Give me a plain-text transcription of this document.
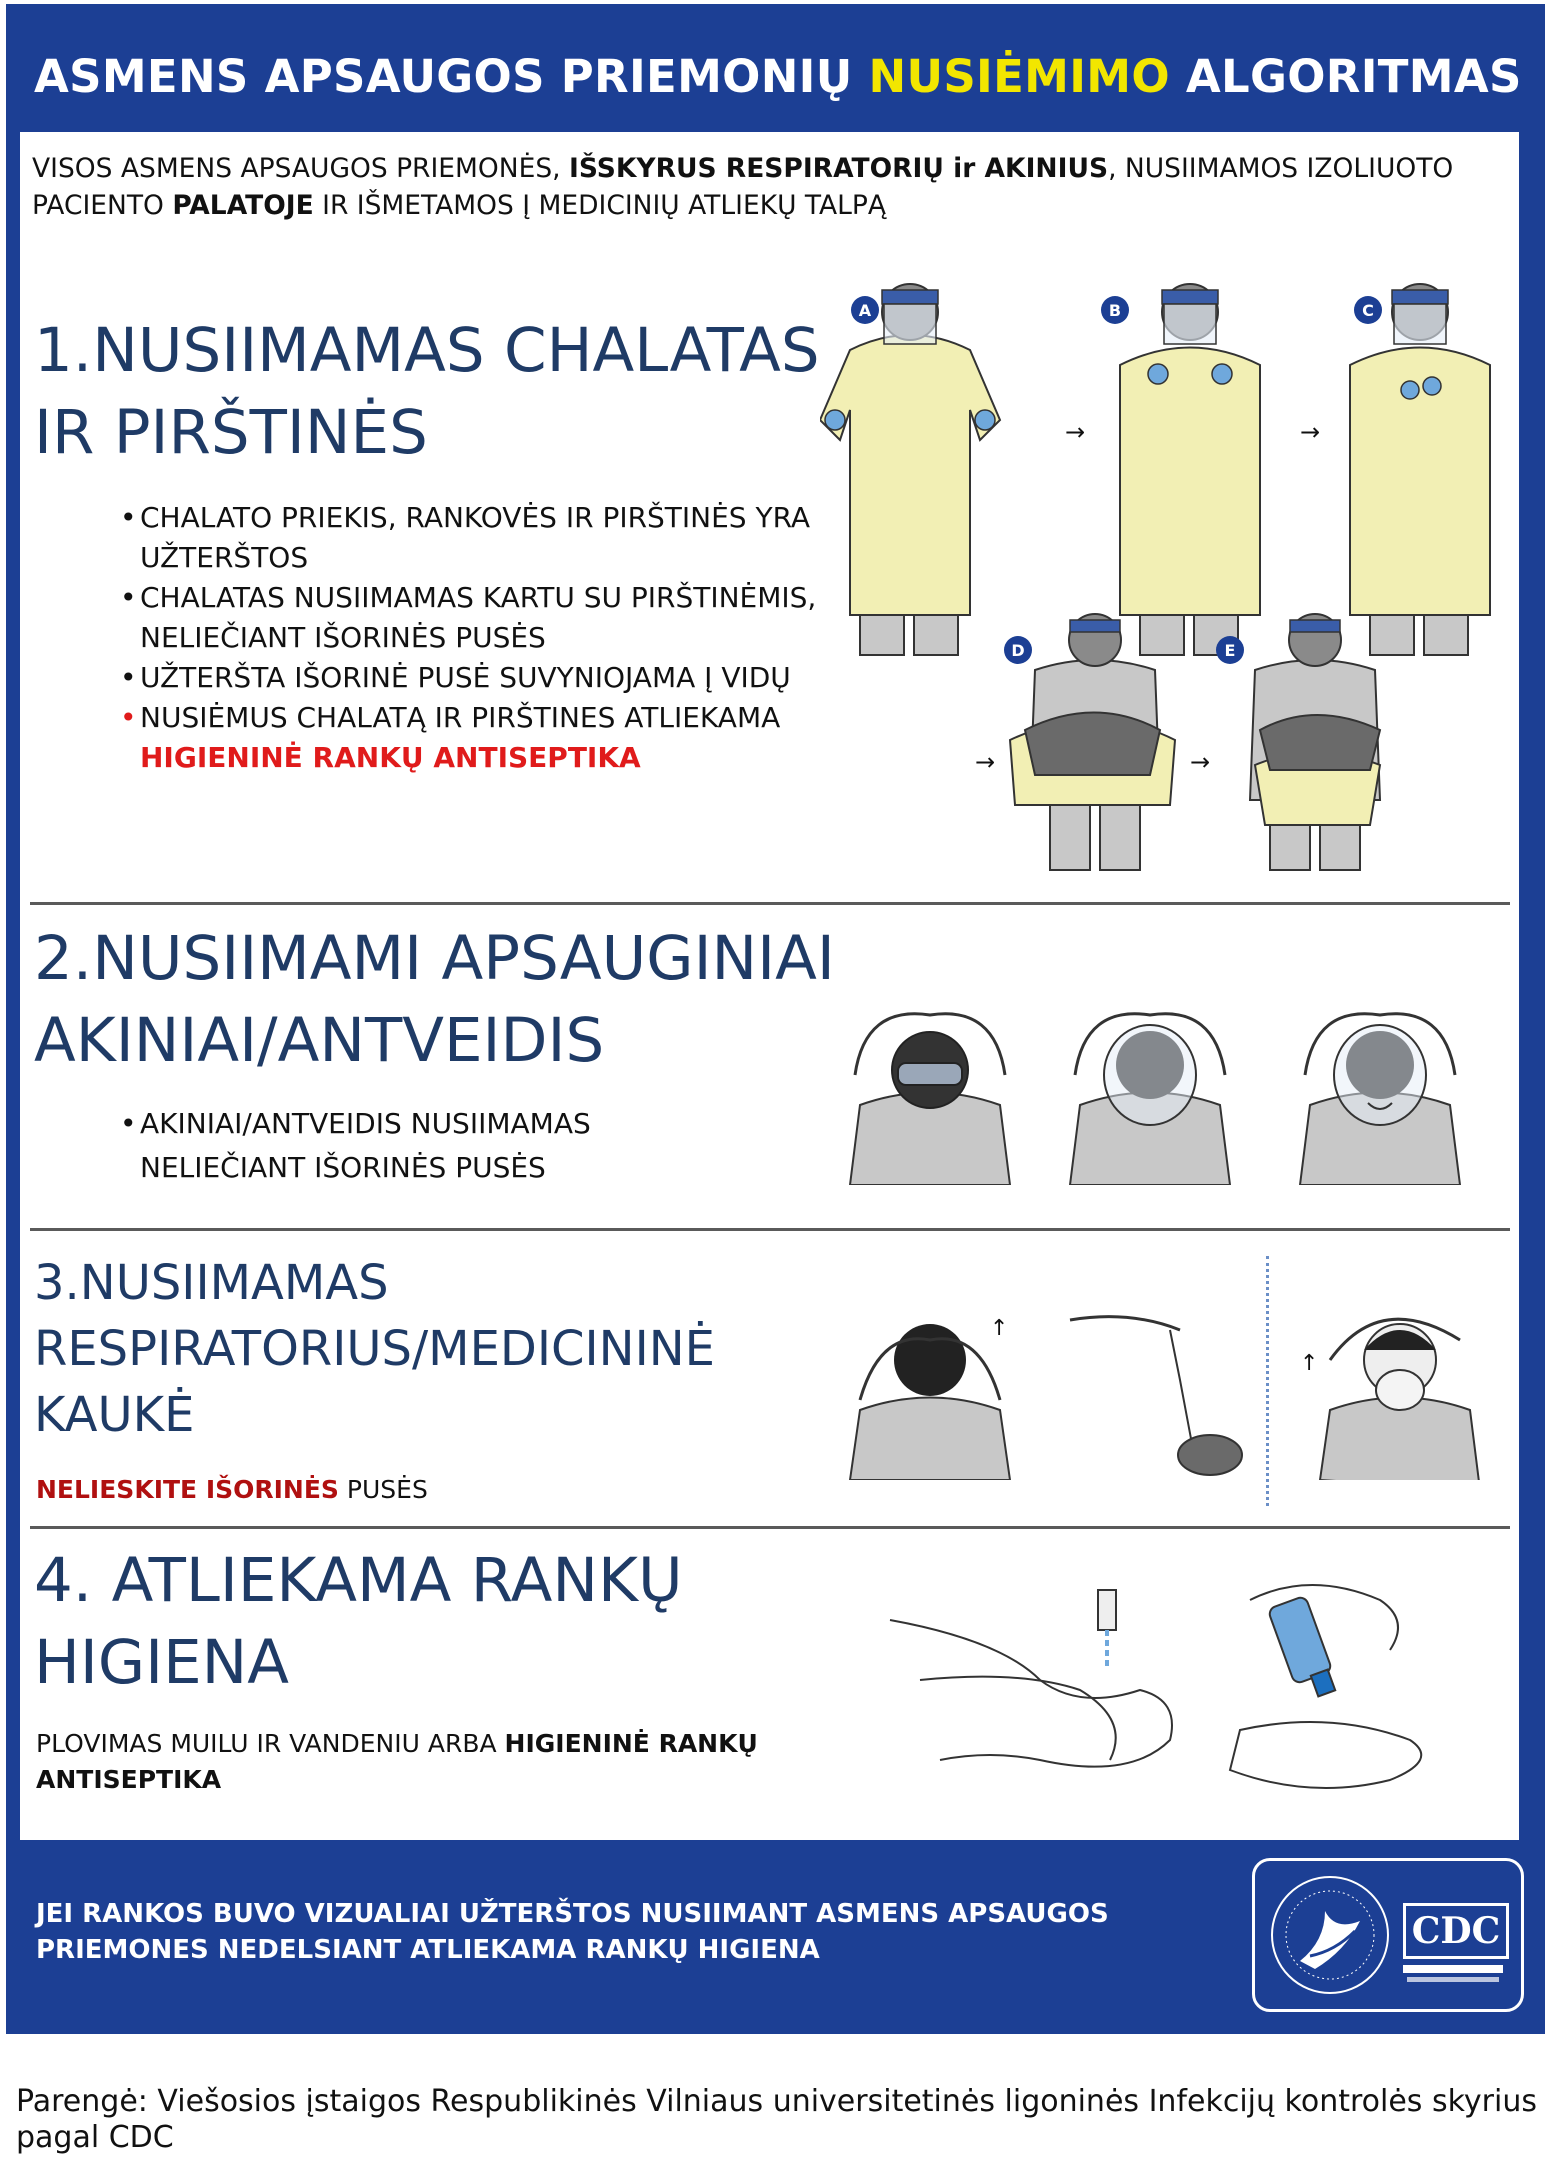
ASMENS APSAUGOS PRIEMONIŲ NUSIĖMIMO ALGORITMAS
VISOS ASMENS APSAUGOS PRIEMONĖS, IŠSKYRUS RESPIRATORIŲ ir AKINIUS, NUSIIMAMOS IZOLIUOTO PACIENTO PALATOJE IR IŠMETAMOS Į MEDICINIŲ ATLIEKŲ TALPĄ
1.NUSIIMAMAS CHALATAS
IR PIRŠTINĖS
• CHALATO PRIEKIS, RANKOVĖS IR PIRŠTINĖS YRA UŽTERŠTOS
• CHALATAS NUSIIMAMAS KARTU SU PIRŠTINĖMIS, NELIEČIANT IŠORINĖS PUSĖS
• UŽTERŠTA IŠORINĖ PUSĖ SUVYNIOJAMA Į VIDŲ
• NUSIĖMUS CHALATĄ IR PIRŠTINES ATLIEKAMA
HIGIENINĖ RANKŲ ANTISEPTIKA
A
→
B
→
C
D
→	→
E
2.NUSIIMAMI APSAUGINIAI
AKINIAI/ANTVEIDIS
• AKINIAI/ANTVEIDIS NUSIIMAMAS NELIEČIANT IŠORINĖS PUSĖS
3.NUSIIMAMAS
RESPIRATORIUS/MEDICININĖ
KAUKĖ
NELIESKITE IŠORINĖS PUSĖS
↑
↑
4. ATLIEKAMA RANKŲ
HIGIENA
PLOVIMAS MUILU IR VANDENIU ARBA HIGIENINĖ RANKŲ ANTISEPTIKA
JEI RANKOS BUVO VIZUALIAI UŽTERŠTOS NUSIIMANT ASMENS APSAUGOS
PRIEMONES NEDELSIANT ATLIEKAMA RANKŲ HIGIENA	CDC
Parengė: Viešosios įstaigos Respublikinės Vilniaus universitetinės ligoninės Infekcijų kontrolės skyrius
pagal CDC
